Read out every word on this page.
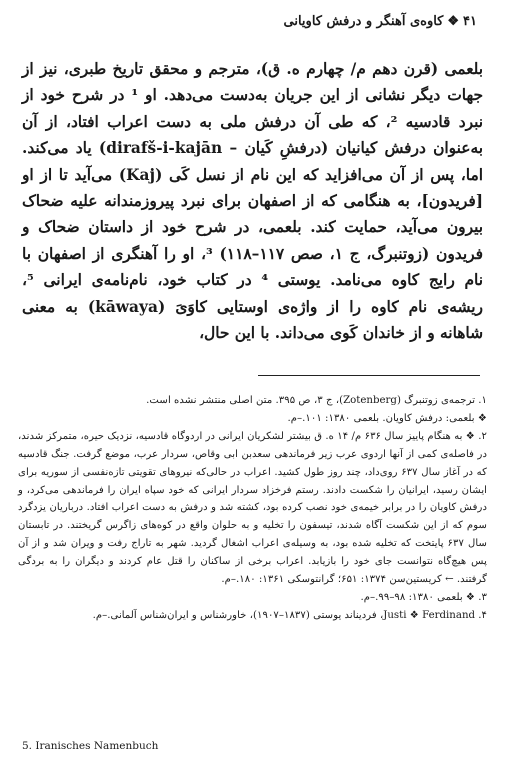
۴۱
❖
کاوه‌ی آهنگر و درفش کاویانی

بلعمی (قرن دهم م/ چهارم ه. ق)، مترجم و محقق تاریخ طبری، نیز از جهات دیگر نشانی از این جریان به‌دست می‌دهد. او ¹ در شرح خود از نبرد قادسیه ²، که طی آن درفش ملی به دست اعراب افتاد، از آن به‌عنوان درفش کیانیان (درفشِ کَیان – dirafš-i-kajān) یاد می‌کند. اما، پس از آن می‌افزاید که این نام از نسل کَی (Kaj) می‌آید تا از او [فریدون]، به هنگامی که از اصفهان برای نبرد پیروزمندانه علیه ضحاک بیرون می‌آید، حمایت کند. بلعمی، در شرح خود از داستان ضحاک و فریدون (زوتنبرگ، ج ۱، صص ۱۱۷–۱۱۸) ³، او را آهنگری از اصفهان با نام رایج کاوه می‌نامد. یوستی ⁴ در کتاب خود، نام‌نامه‌ی ایرانی ⁵، ریشه‌ی نام کاوه را از واژه‌ی اوستایی کاوَیَ (kāwaya) به معنی شاهانه و از خاندان کَوی می‌داند. با این حال،

۱. ترجمه‌ی زوتنبرگ (Zotenberg)، ج ۳، ص ۳۹۵. متن اصلی منتشر نشده است.

❖ بلعمی: درفش کاویان. بلعمی ۱۳۸۰: ۱۰۱.–م.

۲. ❖ به هنگام پاییز سال ۶۳۶ م/ ۱۴ ه. ق بیشتر لشکریان ایرانی در اردوگاه قادسیه، نزدیک حیره، متمرکز شدند، در فاصله‌ی کمی از آنها اردوی عرب زیر فرماندهی سعدبن ابی وقاص، سردار عرب، موضع گرفت. جنگ قادسیه که در آغاز سال ۶۳۷ روی‌داد، چند روز طول کشید. اعراب در حالی‌که نیروهای تقویتی تازه‌نفسی از سوریه برای ایشان رسید، ایرانیان را شکست دادند. رستم فرخزاد سردار ایرانی که خود سپاه ایران را فرماندهی می‌کرد، و درفش کاویان را در برابر خیمه‌ی خود نصب کرده بود، کشته شد و درفش به دست اعراب افتاد. درباریان یزدگرد سوم که از این شکست آگاه شدند، تیسفون را تخلیه و به حلوان واقع در کوه‌های زاگرس گریختند. در تابستان سال ۶۳۷ پایتخت که تخلیه شده بود، به وسیله‌ی اعراب اشغال گردید. شهر به تاراج رفت و ویران شد و از آن پس هیچ‌گاه نتوانست جای خود را بازیابد. اعراب برخی از ساکنان را قتل عام کردند و دیگران را به بردگی گرفتند. ← کریستین‌سن ۱۳۷۴: ۶۵۱؛ گرانتوسکی ۱۳۶۱: ۱۸۰.–م.

۳. ❖ بلعمی ۱۳۸۰: ۹۸–۹۹.–م.

۴. Justi ❖ Ferdinand، فردیناند یوستی (۱۸۳۷–۱۹۰۷)، خاورشناس و ایران‌شناس آلمانی.–م.

5. Iranisches Namenbuch
